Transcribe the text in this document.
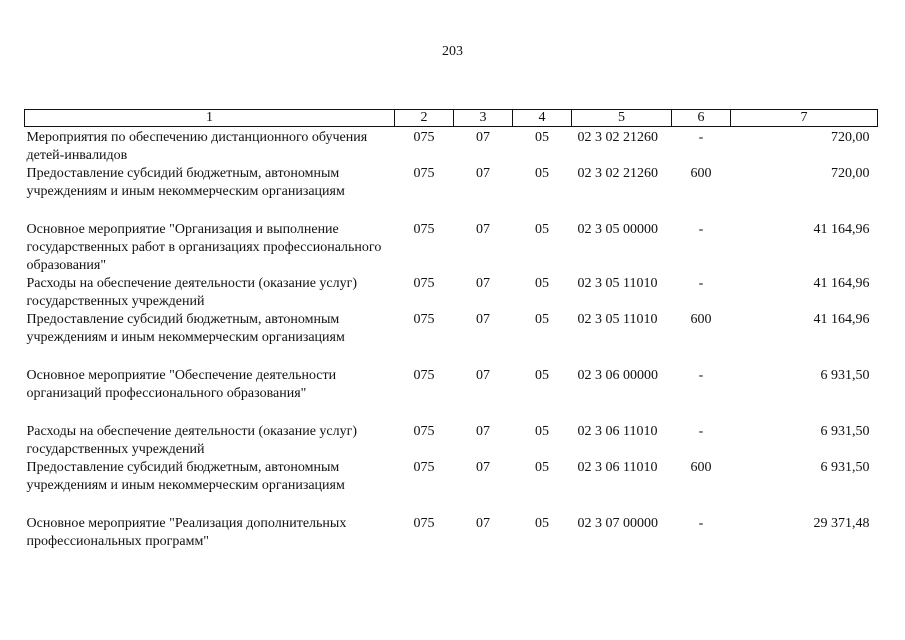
203
1	2	3	4	5	6	7
Мероприятия по обеспечению дистанционного обучения детей-инвалидов	075	07	05	02 3 02 21260	-	720,00
Предоставление субсидий бюджетным, автономным учреждениям и иным некоммерческим организациям	075	07	05	02 3 02 21260	600	720,00
Основное мероприятие "Организация и выполнение государственных работ в организациях профессионального образования"	075	07	05	02 3 05 00000	-	41 164,96
Расходы на обеспечение деятельности (оказание услуг) государственных учреждений	075	07	05	02 3 05 11010	-	41 164,96
Предоставление субсидий бюджетным, автономным учреждениям и иным некоммерческим организациям	075	07	05	02 3 05 11010	600	41 164,96
Основное мероприятие "Обеспечение деятельности организаций профессионального образования"	075	07	05	02 3 06 00000	-	6 931,50
Расходы на обеспечение деятельности (оказание услуг) государственных учреждений	075	07	05	02 3 06 11010	-	6 931,50
Предоставление субсидий бюджетным, автономным учреждениям и иным некоммерческим организациям	075	07	05	02 3 06 11010	600	6 931,50
Основное мероприятие "Реализация дополнительных профессиональных программ"	075	07	05	02 3 07 00000	-	29 371,48
